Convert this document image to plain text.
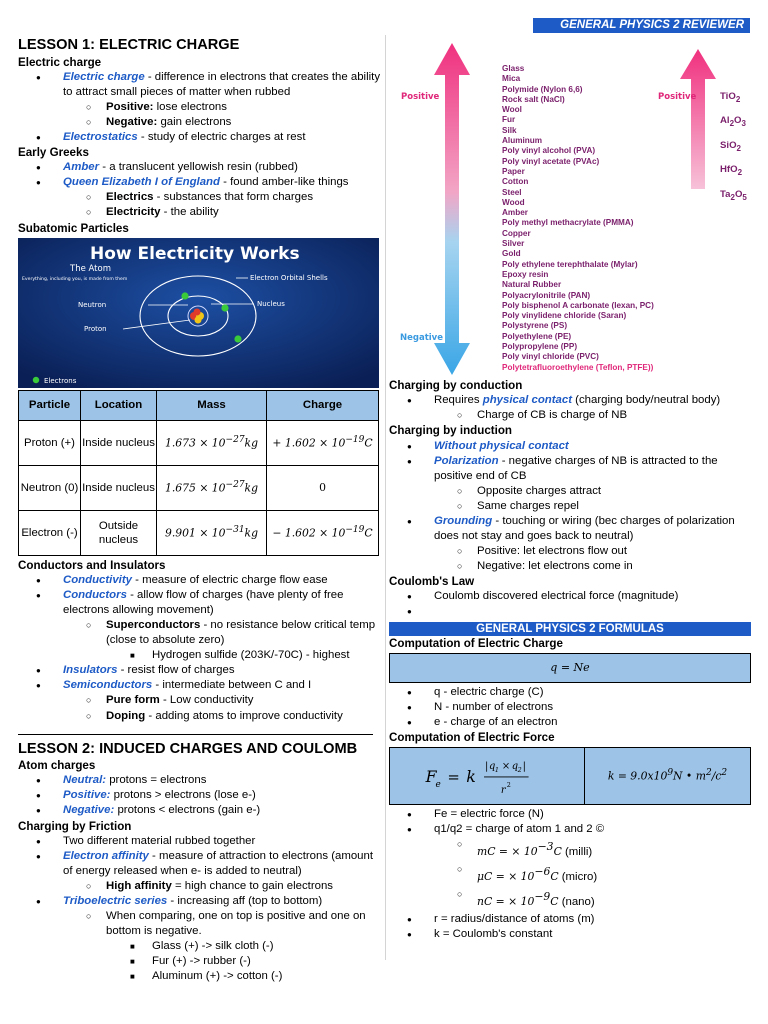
GENERAL PHYSICS 2 REVIEWER
LESSON 1: ELECTRIC CHARGE
Electric charge
● Electric charge - difference in electrons that creates the ability to attract small pieces of matter when rubbed
○ Positive: lose electrons
○ Negative: gain electrons
● Electrostatics - study of electric charges at rest
Early Greeks
● Amber - a translucent yellowish resin (rubbed)
● Queen Elizabeth I of England - found amber-like things
○ Electrics - substances that form charges
○ Electricity - the ability
Subatomic Particles
How Electricity Works
The Atom
Everything, including you, is made from them	Electron Orbital Shells
Nucleus
Neutron
Proton
Electrons
Particle	Location	Mass	Charge
Proton (+)	Inside nucleus	$1.673 \times 10^{-27}kg$	+ $1.602 \times 10^{-19}C$
Neutron (0)	Inside nucleus	$1.675 \times 10^{-27}kg$	0
Electron (-)	Outside nucleus	$9.901 \times 10^{-31}kg$	− $1.602 \times 10^{-19}C$
Conductors and Insulators
● Conductivity - measure of electric charge flow ease
● Conductors - allow flow of charges (have plenty of free electrons allowing movement)
○ Superconductors - no resistance below critical temp (close to absolute zero)
■ Hydrogen sulfide (203K/-70C) - highest
● Insulators - resist flow of charges
● Semiconductors - intermediate between C and I
○ Pure form - Low conductivity
○ Doping - adding atoms to improve conductivity
LESSON 2: INDUCED CHARGES AND COULOMB
Atom charges
● Neutral: protons = electrons
● Positive: protons > electrons (lose e-)
● Negative: protons < electrons (gain e-)
Charging by Friction
● Two different material rubbed together
● Electron affinity - measure of attraction to electrons (amount of energy released when e- is added to neutral)
○ High affinity = high chance to gain electrons
● Triboelectric series - increasing aff (top to bottom)
○ When comparing, one on top is positive and one on bottom is negative.
■ Glass (+) -> silk cloth (-)
■ Fur (+) -> rubber (-)
■ Aluminum (+) -> cotton (-)
Positive	Positive
Negative
Glass
Mica
Polymide (Nylon 6,6)
Rock salt (NaCl)
Wool
Fur
Silk
Aluminum
Poly vinyl alcohol (PVA)
Poly vinyl acetate (PVAc)
Paper
Cotton
Steel
Wood
Amber
Poly methyl methacrylate (PMMA)
Copper
Silver
Gold
Poly ethylene terephthalate (Mylar)
Epoxy resin
Natural Rubber
Polyacrylonitrile (PAN)
Poly bisphenol A carbonate (lexan, PC)
Poly vinylidene chloride (Saran)
Polystyrene (PS)
Polyethylene (PE)
Polypropylene (PP)
Poly vinyl chloride (PVC)
Polytetrafluoroethylene (Teflon, PTFE))
TiO$_2$
$Al_2O_3$
SiO$_2$
HfO$_2$
$Ta_2O_5$
Charging by conduction
● Requires physical contact (charging body/neutral body)
○ Charge of CB is charge of NB
Charging by induction
● Without physical contact
● Polarization - negative charges of NB is attracted to the positive end of CB
○ Opposite charges attract
○ Same charges repel
● Grounding - touching or wiring (bec charges of polarization does not stay and goes back to neutral)
○ Positive: let electrons flow out
○ Negative: let electrons come in
Coulomb's Law
● Coulomb discovered electrical force (magnitude)
●
GENERAL PHYSICS 2 FORMULAS
Computation of Electric Charge
q = Ne
● q - electric charge (C)
● N - number of electrons
● e - charge of an electron
Computation of Electric Force
F
e = k
| q 1 × q 2 |
r 2
$k = 9.0x10^9N$ • $m^2/c^2$
● Fe = electric force (N)
● q1/q2 = charge of atom 1 and 2 ©
○ mC = × $10^{-3}C$ (milli)
○ μC = × $10^{-6}C$ (micro)
○ nC = × $10^{-9}C$ (nano)
● r = radius/distance of atoms (m)
● k = Coulomb's constant
